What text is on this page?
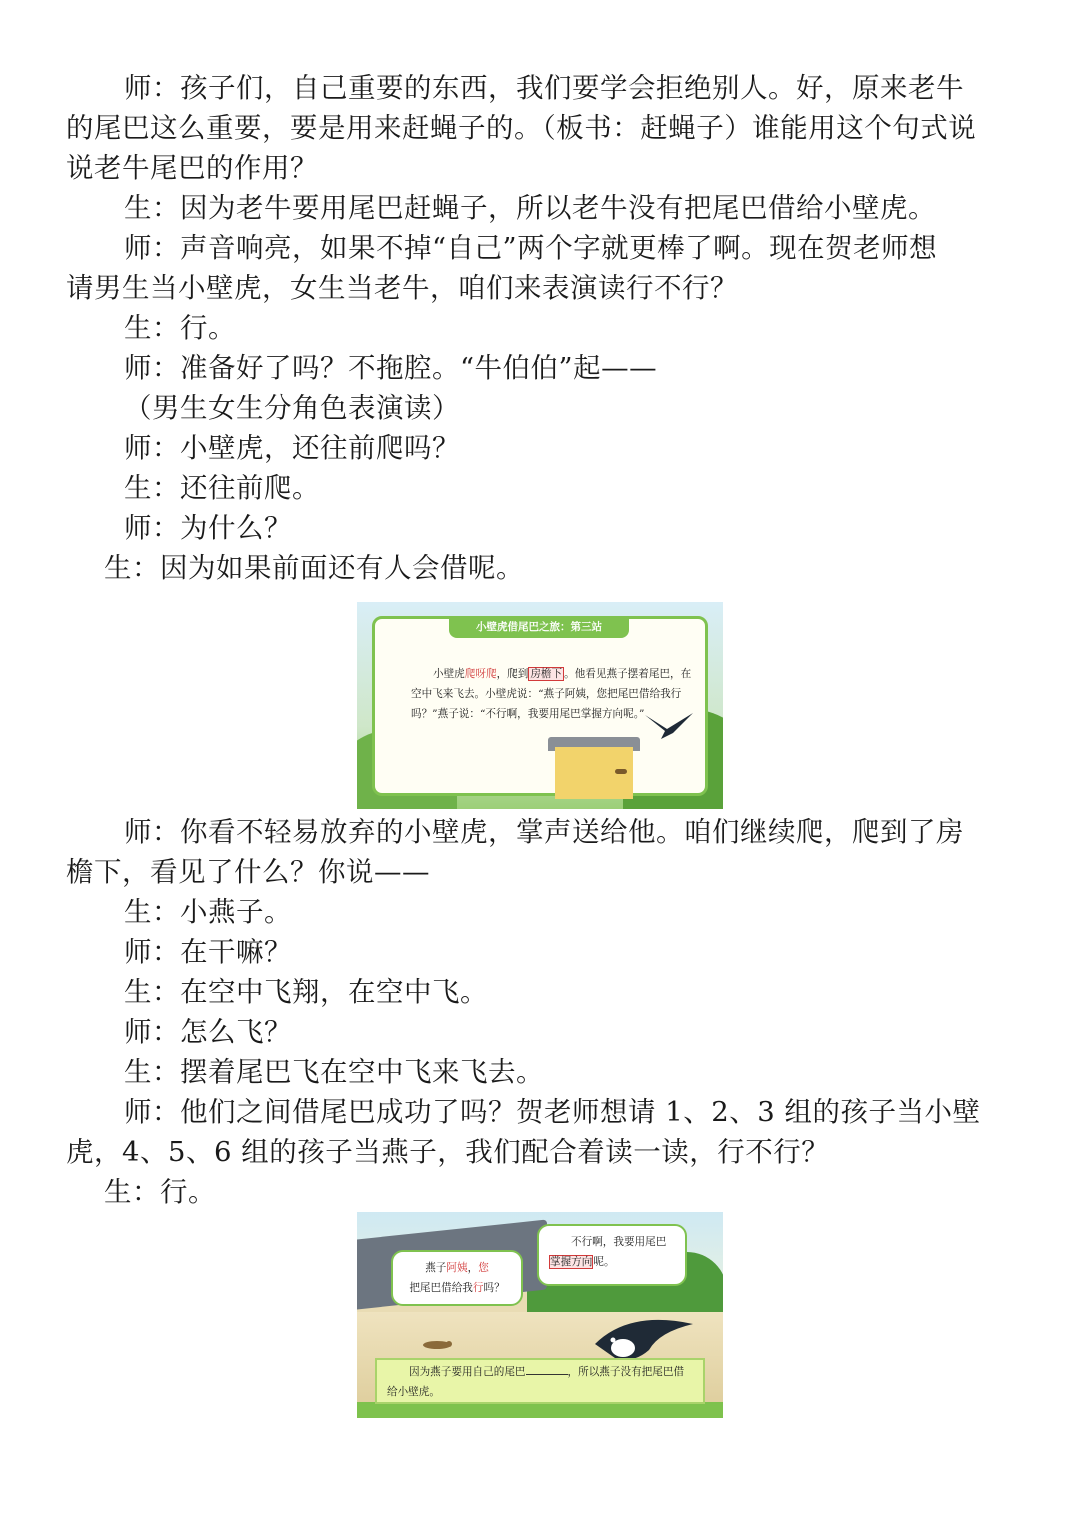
师：孩子们，自己重要的东西，我们要学会拒绝别人。好，原来老牛
的尾巴这么重要，要是用来赶蝇子的。（板书：赶蝇子）谁能用这个句式说
说老牛尾巴的作用？
生：因为老牛要用尾巴赶蝇子，所以老牛没有把尾巴借给小壁虎。
师：声音响亮，如果不掉“自己”两个字就更棒了啊。现在贺老师想
请男生当小壁虎，女生当老牛，咱们来表演读行不行？
生：行。
师：准备好了吗？不拖腔。“牛伯伯”起——
（男生女生分角色表演读）
师：小壁虎，还往前爬吗？
生：还往前爬。
师：为什么？
生：因为如果前面还有人会借呢。
小壁虎借尾巴之旅：第三站
小壁虎爬呀爬，爬到 房檐下 。他看见燕子摆着尾巴，在空中飞来飞去。小壁虎说：“燕子阿姨，您把尾巴借给我行吗？”燕子说：“不行啊，我要用尾巴掌握方向呢。”
师：你看不轻易放弃的小壁虎，掌声送给他。咱们继续爬，爬到了房
檐下，看见了什么？你说——
生：小燕子。
师：在干嘛？
生：在空中飞翔，在空中飞。
师：怎么飞？
生：摆着尾巴飞在空中飞来飞去。
师：他们之间借尾巴成功了吗？贺老师想请 1、2、3 组的孩子当小壁
虎，4、5、6 组的孩子当燕子，我们配合着读一读，行不行？
生：行。
燕子阿姨，您
把尾巴借给我行吗？
不行啊，我要用尾巴掌握方向呢。
因为燕子要用自己的尾巴	，所以燕子没有把尾巴借给小壁虎。
